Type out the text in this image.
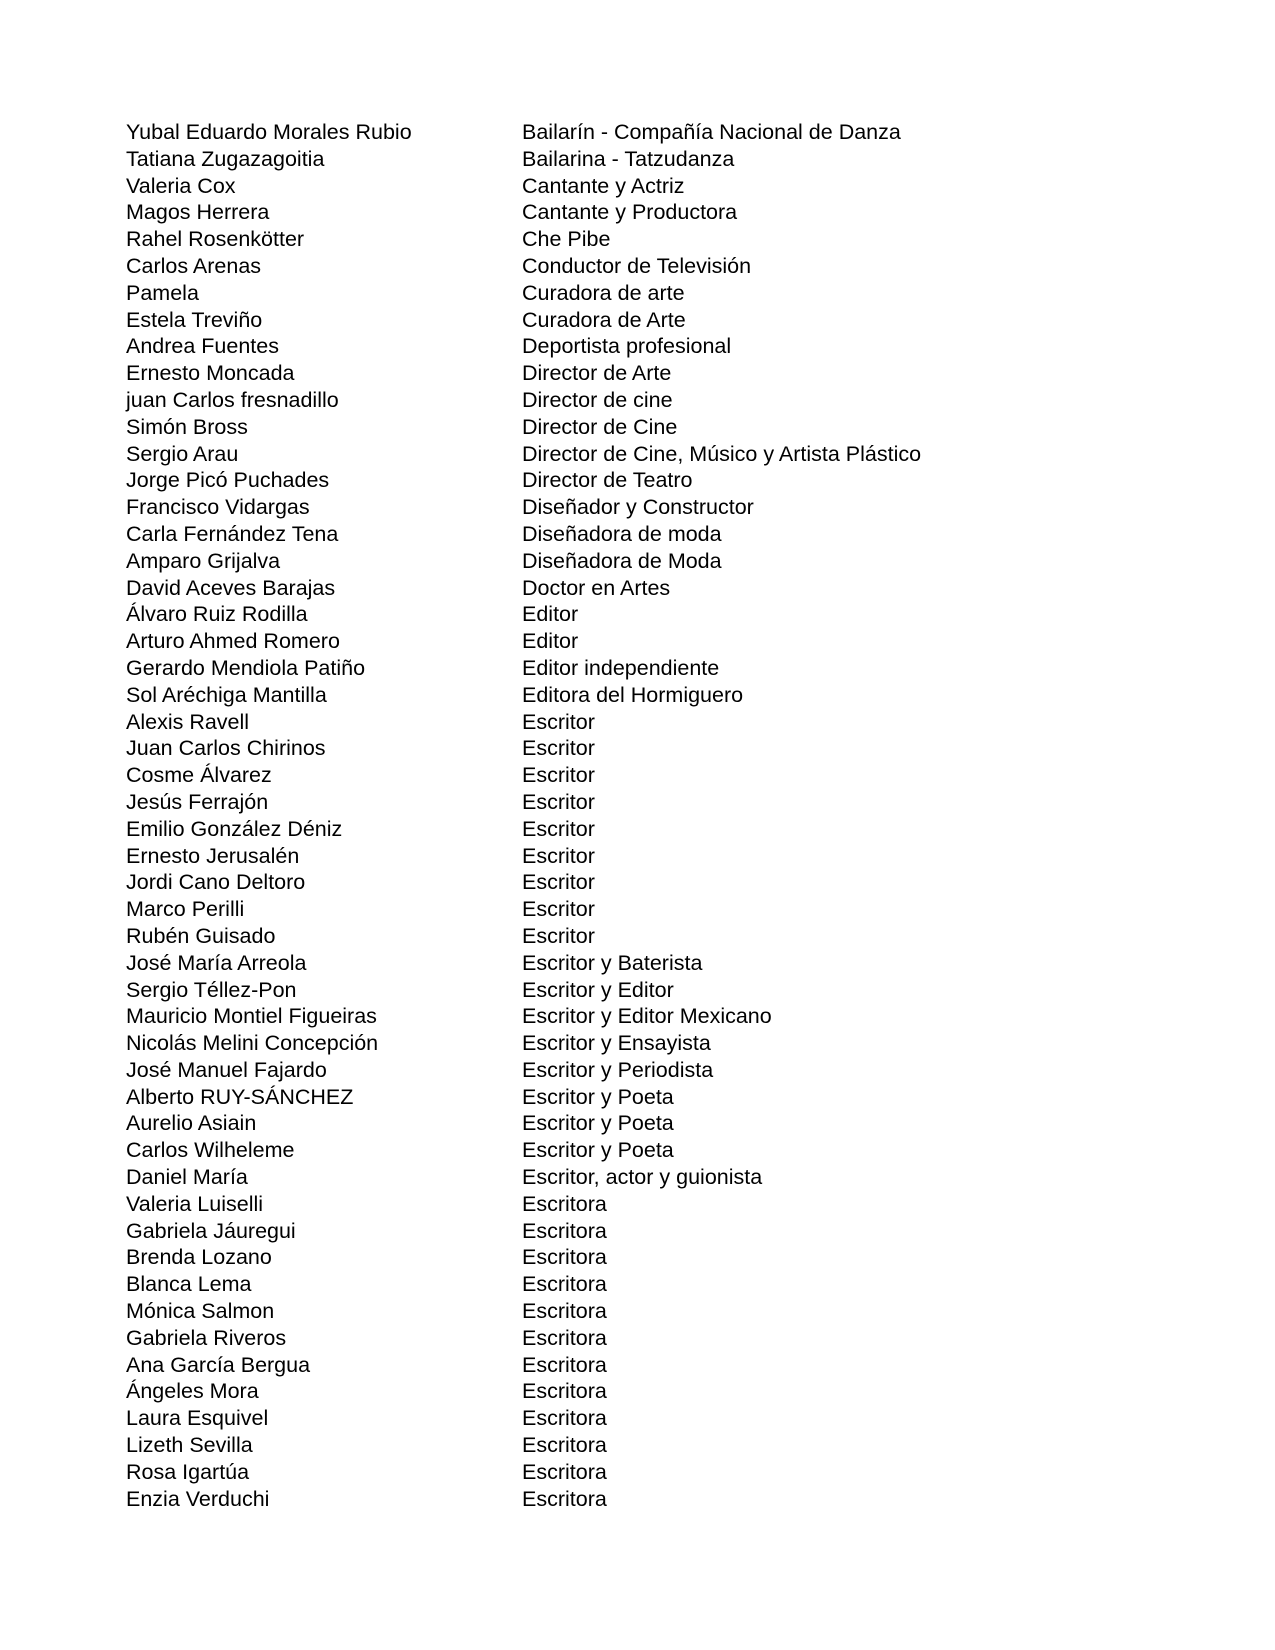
Yubal Eduardo Morales Rubio	Bailarín - Compañía Nacional de Danza
Tatiana Zugazagoitia	Bailarina - Tatzudanza
Valeria Cox	Cantante y Actriz
Magos Herrera	Cantante y Productora
Rahel Rosenkötter	Che Pibe
Carlos Arenas	Conductor de Televisión
Pamela	Curadora de arte
Estela Treviño	Curadora de Arte
Andrea Fuentes	Deportista profesional
Ernesto Moncada	Director de Arte
juan Carlos fresnadillo	Director de cine
Simón Bross	Director de Cine
Sergio Arau	Director de Cine, Músico y Artista Plástico
Jorge Picó Puchades	Director de Teatro
Francisco Vidargas	Diseñador y Constructor
Carla Fernández Tena	Diseñadora de moda
Amparo Grijalva	Diseñadora de Moda
David Aceves Barajas	Doctor en Artes
Álvaro Ruiz Rodilla	Editor
Arturo Ahmed Romero	Editor
Gerardo Mendiola Patiño	Editor independiente
Sol Aréchiga Mantilla	Editora del Hormiguero
Alexis Ravell	Escritor
Juan Carlos Chirinos	Escritor
Cosme Álvarez	Escritor
Jesús Ferrajón	Escritor
Emilio González Déniz	Escritor
Ernesto Jerusalén	Escritor
Jordi Cano Deltoro	Escritor
Marco Perilli	Escritor
Rubén Guisado	Escritor
José María Arreola	Escritor y Baterista
Sergio Téllez-Pon	Escritor y Editor
Mauricio Montiel Figueiras	Escritor y Editor Mexicano
Nicolás Melini Concepción	Escritor y Ensayista
José Manuel Fajardo	Escritor y Periodista
Alberto RUY-SÁNCHEZ	Escritor y Poeta
Aurelio Asiain	Escritor y Poeta
Carlos Wilheleme	Escritor y Poeta
Daniel María	Escritor, actor y guionista
Valeria Luiselli	Escritora
Gabriela Jáuregui	Escritora
Brenda Lozano	Escritora
Blanca Lema	Escritora
Mónica Salmon	Escritora
Gabriela Riveros	Escritora
Ana García Bergua	Escritora
Ángeles Mora	Escritora
Laura Esquivel	Escritora
Lizeth Sevilla	Escritora
Rosa Igartúa	Escritora
Enzia Verduchi	Escritora
